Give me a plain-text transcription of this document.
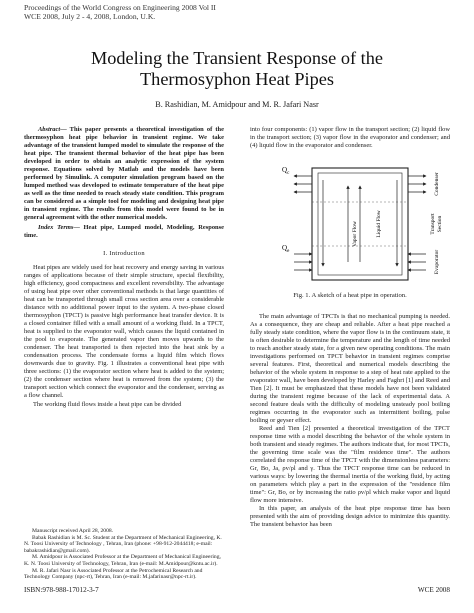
Proceedings of the World Congress on Engineering 2008 Vol II
WCE 2008, July 2 - 4, 2008, London, U.K.
Modeling the Transient Response of the
Thermosyphon Heat Pipes
B. Rashidian, M. Amidpour and M. R. Jafari Nasr
Abstract— This paper presents a theoretical investigation of the thermosyphon heat pipe behavior in transient regime. We take advantage of the transient lumped model to simulate the response of the heat pipe. The transient thermal behavior of the heat pipe has been developed in order to obtain an analytic expression of the system response. Equations solved by Matlab and the models have been performed by Simulink. A computer simulation program based on the lumped method was developed to estimate temperature of the heat pipe as well as the time needed to reach steady state condition. This program can be considered as a simple tool for modeling and designing heat pipe in transient regime. The results from this model were found to be in general agreement with the other numerical models.
Index Terms— Heat pipe, Lumped model, Modeling, Response time.
I. Introduction

Heat pipes are widely used for heat recovery and energy saving in various ranges of applications because of their simple structure, special flexibility, high efficiency, good compactness and excellent reversibility. The advantage of using heat pipe over other conventional methods is that large quantities of heat can be transported through small cross section area over a considerable distance with no additional power input to the system. A two-phase closed thermosyphon (TPCT) is passive high performance heat transfer device. It is a closed container filled with a small amount of a working fluid. In a TPCT, heat is supplied to the evaporator wall, which causes the liquid contained in the pool to evaporate. The generated vapor then moves upwards to the condenser. The heat transported is then rejected into the heat sink by a condensation process. The condensate forms a liquid film which flows downwards due to gravity. Fig. 1 illustrates a conventional heat pipe with three sections: (1) the evaporator section where heat is added to the system; (2) the condenser section where heat is removed from the system; (3) the transport section which connect the evaporator and the condenser, serving as a flow channel.

The working fluid flows inside a heat pipe can be divided

Manuscript received April 28, 2008.

Babak Rashidian is M. Sc. Student at the Department of Mechanical Engineering, K. N. Toosi University of Technology , Tehran, Iran (phone: +98-912-2044418; e-mail: babakrashidian@gmail.com).

M. Amidpour is Associated Professor at the Department of Mechanical Engineering, K. N. Toosi University of Technology, Tehran, Iran (e-mail: M.Amidpour@kntu.ac.ir).

M. R. Jafari Nasr is Associated Professor at the Petrochemical Research and Technology Company (npc-rt), Tehran, Iran (e-mail: M.jafarinasr@npc-rt.ir).

into four components: (1) vapor flow in the transport section; (2) liquid flow in the transport section; (3) vapor flow in the evaporator and condenser; and (4) liquid flow in the evaporator and condenser.

$Q_c$
$Q_e$
Vapor Flow	Liquid Flow
Condenser
Transport Section
Evaporator
Fig. 1. A sketch of a heat pipe in operation.

The main advantage of TPCTs is that no mechanical pumping is needed. As a consequence, they are cheap and reliable. After a heat pipe reached a fully steady state condition, where the vapor flow is in the continuum state, it is often desirable to determine the temperature and the length of time needed to reach another steady state, for a given new operating conditions. The main investigations performed on TPCT behavior in transient regimes comprise several features. First, theoretical and numerical models describing the behavior of the whole system in response to a step of heat rate applied to the evaporator wall, have been developed by Harley and Faghri [1] and Reed and Tien [2]. It must be emphasized that these models have not been validated during the transient regime because of the lack of experimental data. A second feature deals with the difficulty of modeling unsteady pool boiling regimes occurring in the evaporator such as intermittent boiling, pulse boiling or geyser effect.

Reed and Tien [2] presented a theoretical investigation of the TPCT response time with a model describing the behavior of the whole system in both transient and steady regimes. The authors indicate that, for most TPCTs, the governing time scale was the "film residence time". The authors correlated the response time of the TPCT with the dimensionless parameters: Gr, Bo, Ja, ρv/ρl and γ. Thus the TPCT response time can be reduced in various ways: by lowering the thermal inertia of the working fluid, by acting on parameters which play a part in the expression of the "residence film time": Gr, Bo, or by increasing the ratio ρv/ρl which make vapor and liquid flow more intensive.

In this paper, an analysis of the heat pipe response time has been presented with the aim of providing design advice to minimize this quantity. The transient behavior has been

ISBN:978-988-17012-3-7	WCE 2008
